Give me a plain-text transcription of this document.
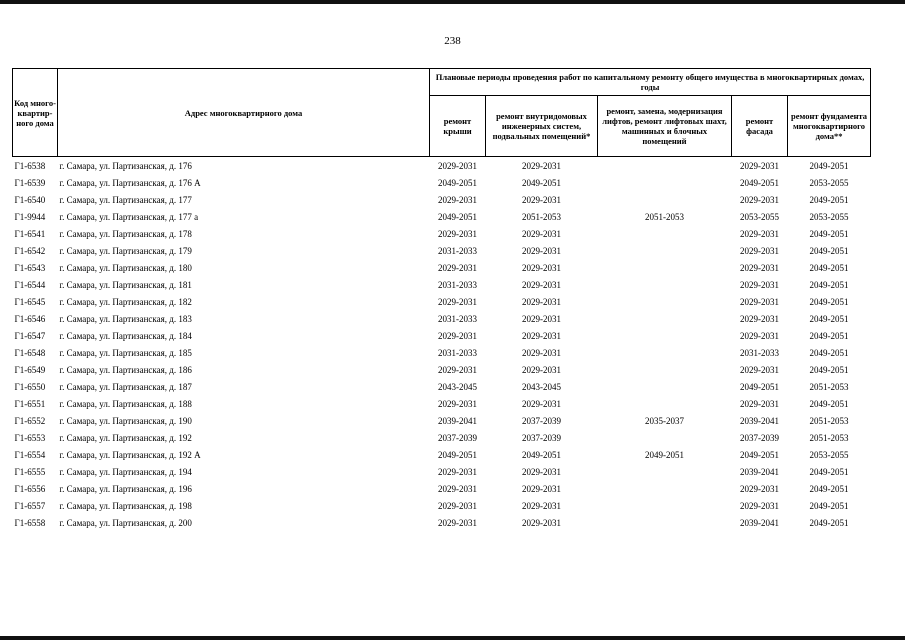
238
Код много-квартир-ного дома	Адрес многоквартирного дома	Плановые периоды проведения работ по капитальному ремонту общего имущества в многоквартирных домах, годы				
		ремонт крыши	ремонт внутридомовых инженерных систем, подвальных помещений*	ремонт, замена, модернизация лифтов, ремонт лифтовых шахт, машинных и блочных помещений	ремонт фасада	ремонт фундамента многоквартирного дома**
Г1-6538	г. Самара, ул. Партизанская, д. 176	2029-2031	2029-2031		2029-2031	2049-2051
Г1-6539	г. Самара, ул. Партизанская, д. 176 А	2049-2051	2049-2051		2049-2051	2053-2055
Г1-6540	г. Самара, ул. Партизанская, д. 177	2029-2031	2029-2031		2029-2031	2049-2051
Г1-9944	г. Самара, ул. Партизанская, д. 177 а	2049-2051	2051-2053	2051-2053	2053-2055	2053-2055
Г1-6541	г. Самара, ул. Партизанская, д. 178	2029-2031	2029-2031		2029-2031	2049-2051
Г1-6542	г. Самара, ул. Партизанская, д. 179	2031-2033	2029-2031		2029-2031	2049-2051
Г1-6543	г. Самара, ул. Партизанская, д. 180	2029-2031	2029-2031		2029-2031	2049-2051
Г1-6544	г. Самара, ул. Партизанская, д. 181	2031-2033	2029-2031		2029-2031	2049-2051
Г1-6545	г. Самара, ул. Партизанская, д. 182	2029-2031	2029-2031		2029-2031	2049-2051
Г1-6546	г. Самара, ул. Партизанская, д. 183	2031-2033	2029-2031		2029-2031	2049-2051
Г1-6547	г. Самара, ул. Партизанская, д. 184	2029-2031	2029-2031		2029-2031	2049-2051
Г1-6548	г. Самара, ул. Партизанская, д. 185	2031-2033	2029-2031		2031-2033	2049-2051
Г1-6549	г. Самара, ул. Партизанская, д. 186	2029-2031	2029-2031		2029-2031	2049-2051
Г1-6550	г. Самара, ул. Партизанская, д. 187	2043-2045	2043-2045		2049-2051	2051-2053
Г1-6551	г. Самара, ул. Партизанская, д. 188	2029-2031	2029-2031		2029-2031	2049-2051
Г1-6552	г. Самара, ул. Партизанская, д. 190	2039-2041	2037-2039	2035-2037	2039-2041	2051-2053
Г1-6553	г. Самара, ул. Партизанская, д. 192	2037-2039	2037-2039		2037-2039	2051-2053
Г1-6554	г. Самара, ул. Партизанская, д. 192 А	2049-2051	2049-2051	2049-2051	2049-2051	2053-2055
Г1-6555	г. Самара, ул. Партизанская, д. 194	2029-2031	2029-2031		2039-2041	2049-2051
Г1-6556	г. Самара, ул. Партизанская, д. 196	2029-2031	2029-2031		2029-2031	2049-2051
Г1-6557	г. Самара, ул. Партизанская, д. 198	2029-2031	2029-2031		2029-2031	2049-2051
Г1-6558	г. Самара, ул. Партизанская, д. 200	2029-2031	2029-2031		2039-2041	2049-2051
